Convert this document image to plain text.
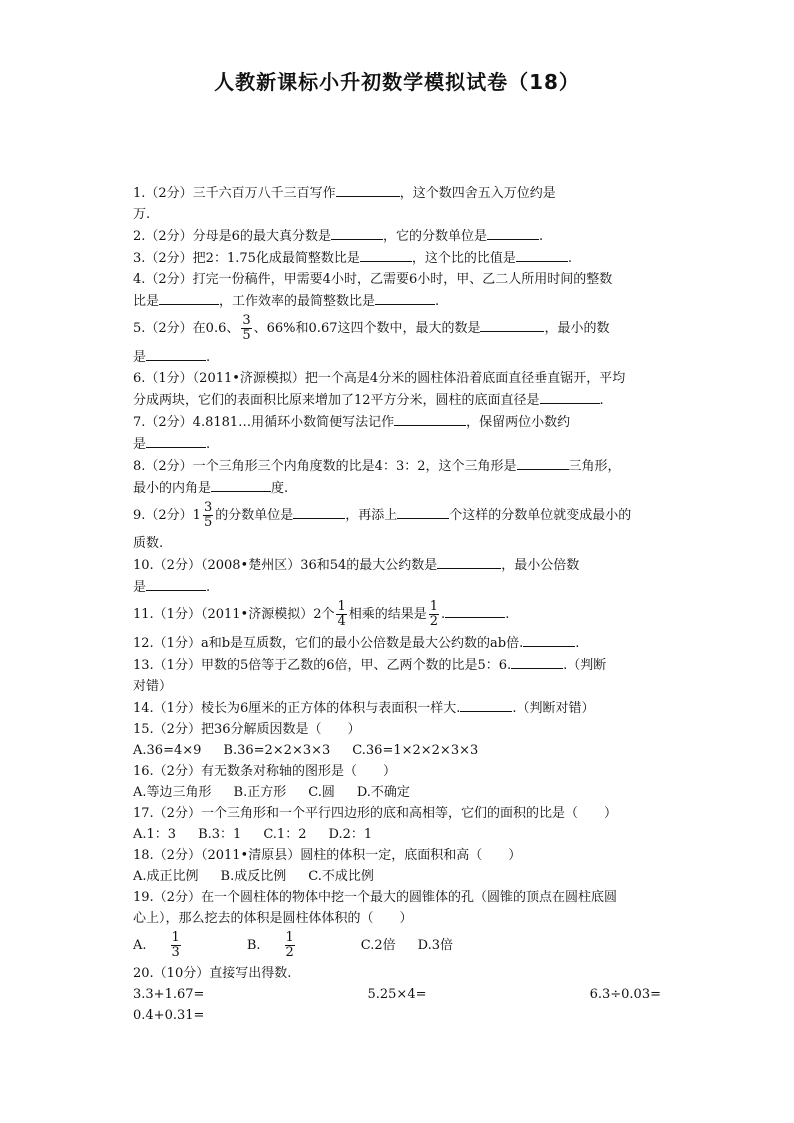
人教新课标小升初数学模拟试卷（18）

1.（2分）三千六百万八千三百写作	，这个数四舍五入万位约是

万.

2.（2分）分母是6的最大真分数是	，它的分数单位是	.

3.（2分）把2：1.75化成最简整数比是	，这个比的比值是	.

4.（2分）打完一份稿件，甲需要4小时，乙需要6小时，甲、乙二人所用时间的整数

比是	，工作效率的最简整数比是	.

5.（2分）在0.6、 $\frac{3}{5}$ 、66%和0.67这四个数中，最大的数是	，最小的数

是	.

6.（1分）（2011•济源模拟）把一个高是4分米的圆柱体沿着底面直径垂直锯开，平均

分成两块，它们的表面积比原来增加了12平方分米，圆柱的底面直径是	.

7.（2分）4.8181…用循环小数简便写法记作	，保留两位小数约

是	.

8.（2分）一个三角形三个内角度数的比是4：3：2，这个三角形是	三角形，

最小的内角是	度.

9.（2分）$1 \frac{3}{5}$ 的分数单位是	，再添上	个这样的分数单位就变成最小的

质数.

10.（2分）（2008•楚州区）36和54的最大公约数是	，最小公倍数

是	.

11.（1分）（2011•济源模拟）2个 $\frac{1}{4}$ 相乘的结果是 $\frac{1}{2}$ .	.

12.（1分）a和b是互质数，它们的最小公倍数是最大公约数的ab倍.	.

13.（1分）甲数的5倍等于乙数的6倍，甲、乙两个数的比是5：6.	.（判断

对错）

14.（1分）棱长为6厘米的正方体的体积与表面积一样大.	.（判断对错）

15.（2分）把36分解质因数是（　　）

A.36=4×9 B.36=2×2×3×3 C.36=1×2×2×3×3

16.（2分）有无数条对称轴的图形是（　　）

A.等边三角形 B.正方形 C.圆 D.不确定

17.（2分）一个三角形和一个平行四边形的底和高相等，它们的面积的比是（　　）

A.1：3 B.3：1 C.1：2 D.2：1

18.（2分）（2011•清原县）圆柱的体积一定，底面积和高（　　）

A.成正比例 B.成反比例 C.不成比例

19.（2分）在一个圆柱体的物体中挖一个最大的圆锥体的孔（圆锥的顶点在圆柱底圆

心上），那么挖去的体积是圆柱体体积的（　　）

A. $\frac{1}{3}$	B. $\frac{1}{2}$	C.2倍 D.3倍

20.（10分）直接写出得数.

3.3+1.67=	5.25×4=	6.3÷0.03=

0.4+0.31=
